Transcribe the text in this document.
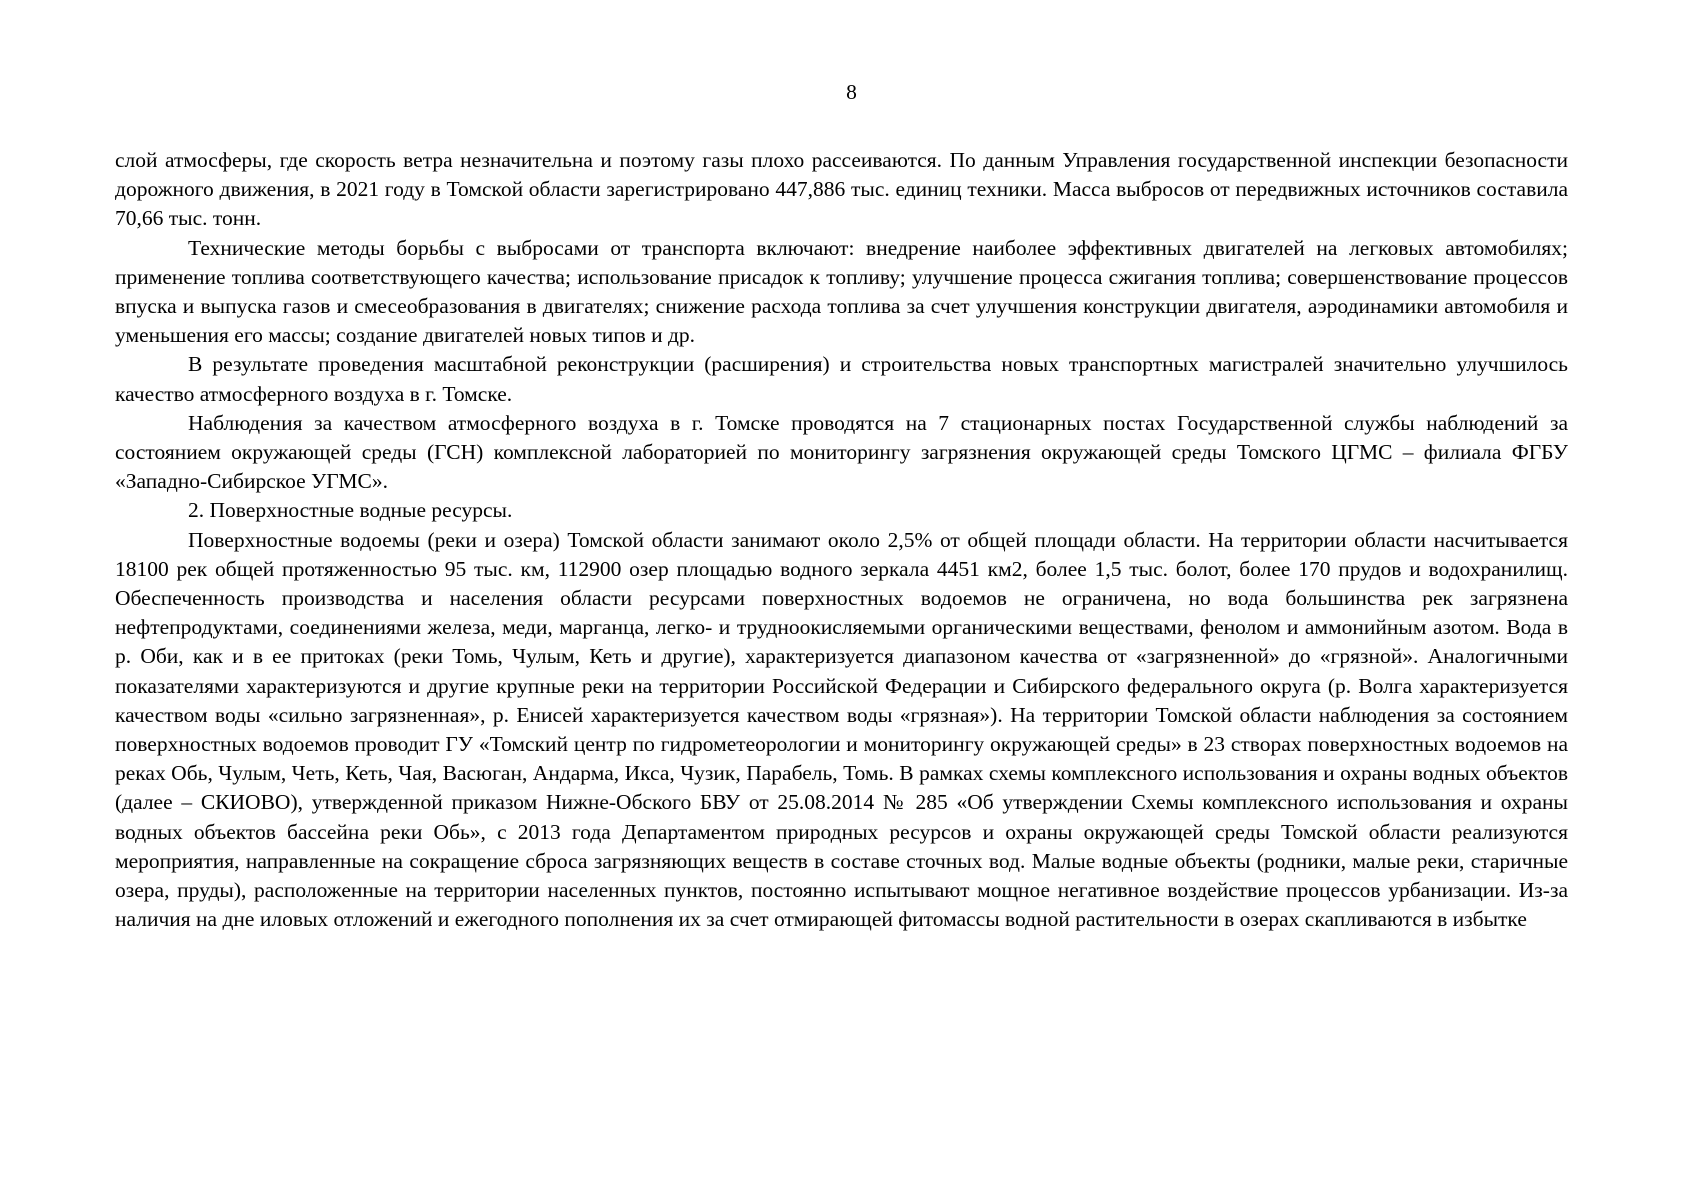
8

слой атмосферы, где скорость ветра незначительна и поэтому газы плохо рассеиваются. По данным Управления государственной инспекции безопасности дорожного движения, в 2021 году в Томской области зарегистрировано 447,886 тыс. единиц техники. Масса выбросов от передвижных источников составила 70,66 тыс. тонн.

Технические методы борьбы с выбросами от транспорта включают: внедрение наиболее эффективных двигателей на легковых автомобилях; применение топлива соответствующего качества; использование присадок к топливу; улучшение процесса сжигания топлива; совершенствование процессов впуска и выпуска газов и смесеобразования в двигателях; снижение расхода топлива за счет улучшения конструкции двигателя, аэродинамики автомобиля и уменьшения его массы; создание двигателей новых типов и др.

В результате проведения масштабной реконструкции (расширения) и строительства новых транспортных магистралей значительно улучшилось качество атмосферного воздуха в г. Томске.

Наблюдения за качеством атмосферного воздуха в г. Томске проводятся на 7 стационарных постах Государственной службы наблюдений за состоянием окружающей среды (ГСН) комплексной лабораторией по мониторингу загрязнения окружающей среды Томского ЦГМС – филиала ФГБУ «Западно-Сибирское УГМС».

2. Поверхностные водные ресурсы.

Поверхностные водоемы (реки и озера) Томской области занимают около 2,5% от общей площади области. На территории области насчитывается 18100 рек общей протяженностью 95 тыс. км, 112900 озер площадью водного зеркала 4451 км2, более 1,5 тыс. болот, более 170 прудов и водохранилищ. Обеспеченность производства и населения области ресурсами поверхностных водоемов не ограничена, но вода большинства рек загрязнена нефтепродуктами, соединениями железа, меди, марганца, легко- и трудноокисляемыми органическими веществами, фенолом и аммонийным азотом. Вода в р. Оби, как и в ее притоках (реки Томь, Чулым, Кеть и другие), характеризуется диапазоном качества от «загрязненной» до «грязной». Аналогичными показателями характеризуются и другие крупные реки на территории Российской Федерации и Сибирского федерального округа (р. Волга характеризуется качеством воды «сильно загрязненная», р. Енисей характеризуется качеством воды «грязная»). На территории Томской области наблюдения за состоянием поверхностных водоемов проводит ГУ «Томский центр по гидрометеорологии и мониторингу окружающей среды» в 23 створах поверхностных водоемов на реках Обь, Чулым, Четь, Кеть, Чая, Васюган, Андарма, Икса, Чузик, Парабель, Томь. В рамках схемы комплексного использования и охраны водных объектов (далее – СКИОВО), утвержденной приказом Нижне-Обского БВУ от 25.08.2014 № 285 «Об утверждении Схемы комплексного использования и охраны водных объектов бассейна реки Обь», с 2013 года Департаментом природных ресурсов и охраны окружающей среды Томской области реализуются мероприятия, направленные на сокращение сброса загрязняющих веществ в составе сточных вод. Малые водные объекты (родники, малые реки, старичные озера, пруды), расположенные на территории населенных пунктов, постоянно испытывают мощное негативное воздействие процессов урбанизации. Из-за наличия на дне иловых отложений и ежегодного пополнения их за счет отмирающей фитомассы водной растительности в озерах скапливаются в избытке
